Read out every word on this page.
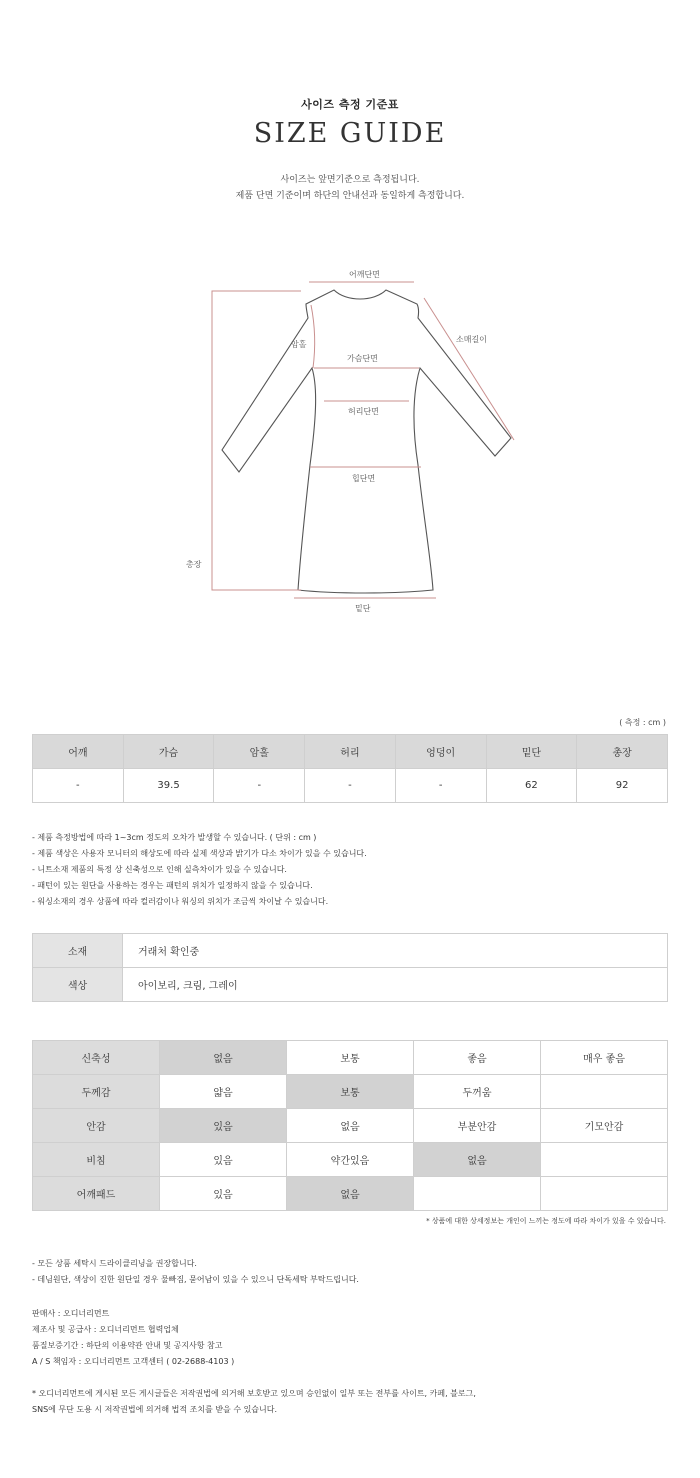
사이즈 측정 기준표
SIZE GUIDE
사이즈는 앞면기준으로 측정됩니다.
제품 단면 기준이며 하단의 안내선과 동일하게 측정합니다.
어깨단면
소매길이
암홀
가슴단면
허리단면
힙단면
총장
밑단
( 측정 : cm )
어깨	가슴	암홀	허리	엉덩이	밑단	총장
-	39.5	-	-	-	62	92
- 제품 측정방법에 따라 1~3cm 정도의 오차가 발생할 수 있습니다. ( 단위 : cm )
- 제품 색상은 사용자 모니터의 해상도에 따라 실제 색상과 밝기가 다소 차이가 있을 수 있습니다.
- 니트소재 제품의 특정 상 신축성으로 인해 실측차이가 있을 수 있습니다.
- 패턴이 있는 원단을 사용하는 경우는 패턴의 위치가 일정하지 않을 수 있습니다.
- 워싱소재의 경우 상품에 따라 컬러감이나 워싱의 위치가 조금씩 차이날 수 있습니다.
소재	거래처 확인중
색상	아이보리, 크림, 그레이
신축성	없음	보통	좋음	매우 좋음
두께감	얇음	보통	두꺼움	
안감	있음	없음	부분안감	기모안감
비침	있음	약간있음	없음	
어깨패드	있음	없음		
* 상품에 대한 상세정보는 개인이 느끼는 정도에 따라 차이가 있을 수 있습니다.
- 모든 상품 세탁시 드라이클리닝을 권장합니다.
- 데님원단, 색상이 진한 원단일 경우 물빠짐, 묻어남이 있을 수 있으니 단독세탁 부탁드립니다.
판매사 : 오디너리먼트
제조사 및 공급사 : 오디너리먼트 협력업체
품질보증기간 : 하단의 이용약관 안내 및 공지사항 참고
A / S 책임자 : 오디너리먼트 고객센터 ( 02-2688-4103 )
* 오디너리먼트에 게시된 모든 게시글들은 저작권법에 의거해 보호받고 있으며 승인없이 일부 또는 전부를 사이트, 카페, 블로그,
SNS에 무단 도용 시 저작권법에 의거해 법적 조치를 받을 수 있습니다.
